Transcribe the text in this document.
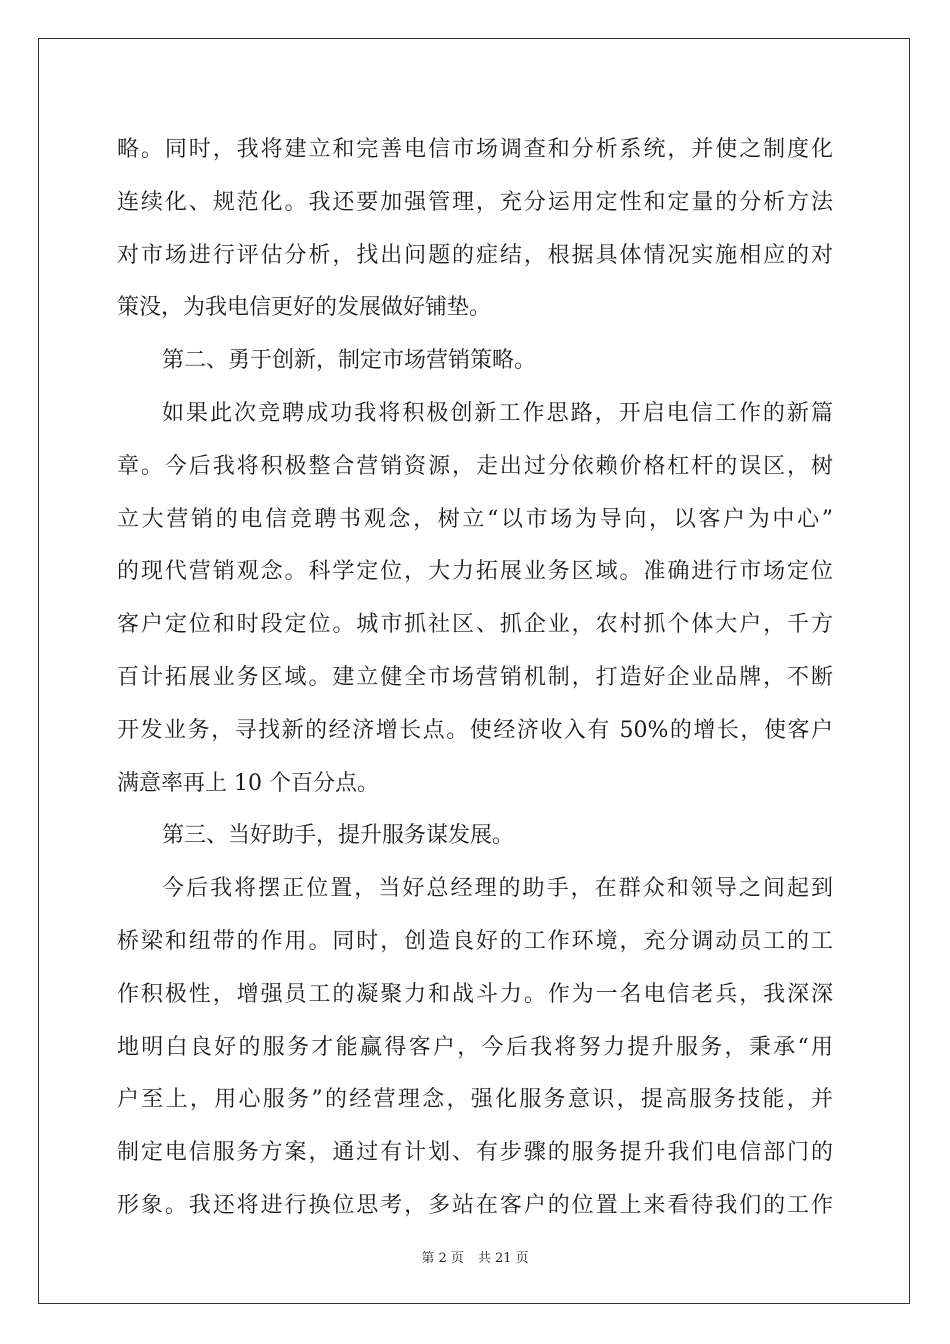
略。同时，我将建立和完善电信市场调查和分析系统，并使之制度化
连续化、规范化。我还要加强管理，充分运用定性和定量的分析方法
对市场进行评估分析，找出问题的症结，根据具体情况实施相应的对
策没，为我电信更好的发展做好铺垫。
第二、勇于创新，制定市场营销策略。
如果此次竞聘成功我将积极创新工作思路，开启电信工作的新篇
章。今后我将积极整合营销资源，走出过分依赖价格杠杆的误区，树
立大营销的电信竞聘书观念，树立“以市场为导向，以客户为中心”
的现代营销观念。科学定位，大力拓展业务区域。准确进行市场定位
客户定位和时段定位。城市抓社区、抓企业，农村抓个体大户，千方
百计拓展业务区域。建立健全市场营销机制，打造好企业品牌，不断
开发业务，寻找新的经济增长点。使经济收入有 50%的增长，使客户
满意率再上 10 个百分点。
第三、当好助手，提升服务谋发展。
今后我将摆正位置，当好总经理的助手，在群众和领导之间起到
桥梁和纽带的作用。同时，创造良好的工作环境，充分调动员工的工
作积极性，增强员工的凝聚力和战斗力。作为一名电信老兵，我深深
地明白良好的服务才能赢得客户，今后我将努力提升服务，秉承“用
户至上，用心服务”的经营理念，强化服务意识，提高服务技能，并
制定电信服务方案，通过有计划、有步骤的服务提升我们电信部门的
形象。我还将进行换位思考，多站在客户的位置上来看待我们的工作
第 2 页 共 21 页
